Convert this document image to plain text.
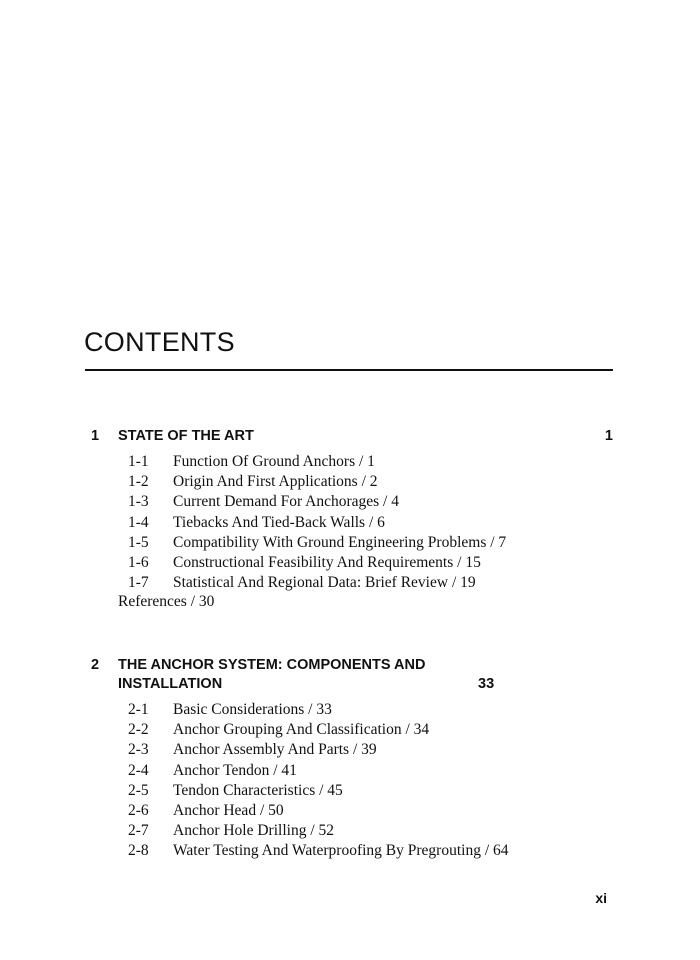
CONTENTS
1	STATE OF THE ART	1
1-1	Function Of Ground Anchors / 1
1-2	Origin And First Applications / 2
1-3	Current Demand For Anchorages / 4
1-4	Tiebacks And Tied-Back Walls / 6
1-5	Compatibility With Ground Engineering Problems / 7
1-6	Constructional Feasibility And Requirements / 15
1-7	Statistical And Regional Data: Brief Review / 19
References / 30
2	THE ANCHOR SYSTEM: COMPONENTS AND INSTALLATION	33
2-1	Basic Considerations / 33
2-2	Anchor Grouping And Classification / 34
2-3	Anchor Assembly And Parts / 39
2-4	Anchor Tendon / 41
2-5	Tendon Characteristics / 45
2-6	Anchor Head / 50
2-7	Anchor Hole Drilling / 52
2-8	Water Testing And Waterproofing By Pregrouting / 64
xi
